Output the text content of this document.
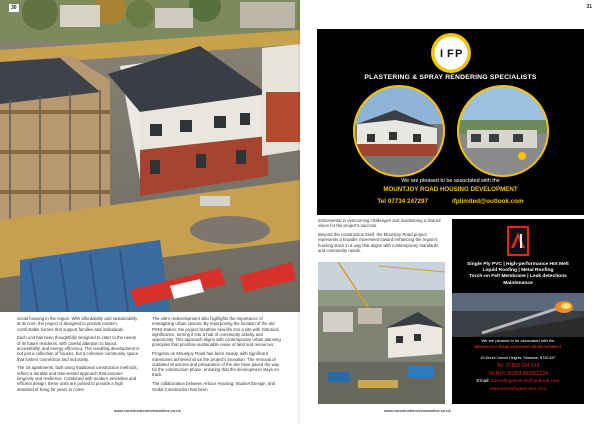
30

social housing in the region. With affordability and sustainability at its core, the project is designed to provide modern, comfortable homes that support families and individuals.

Each unit has been thoughtfully designed to cater to the needs of its future residents, with careful attention to layout, accessibility, and energy efficiency. The resulting development is not just a collection of houses, but a cohesive community space that fosters connection and inclusivity.

The 18 apartments, built using traditional construction methods, reflect a durable and time-tested approach that ensures longevity and resilience. Combined with modern amenities and efficient design, these units are poised to provide a high standard of living for years to come.

The site's redevelopment also highlights the importance of reimagining urban spaces. By repurposing the location of the old PSNI station, the project breathes new life into a site with historical significance, turning it into a hub of community activity and opportunity. This approach aligns with contemporary urban planning principles that prioritise sustainable reuse of land and resources.

Progress on Mountjoy Road has been steady, with significant milestones achieved since the project's inception. The removal of outdated structures and preparation of the site have paved the way for the construction phase, ensuring that the development stays on track.

The collaboration between Arbour Housing, StudioArDesign, and Gedal Construction has been

www.constructionreviewonline.co.uk
31
www.constructionreviewonline.co.uk
I F P
PLASTERING & SPRAY RENDERING SPECIALISTS
We are pleased to be associated with the
MOUNTJOY ROAD HOUSING DEVELOPMENT
Tel 07734 247297	ifplimited@outlook.com

instrumental in overcoming challenges and maintaining a shared vision for the project's success.

Beyond the construction itself, the Mountjoy Road project represents a broader movement toward enhancing the region's housing stock in a way that aligns with contemporary standards and community needs.

Single Ply PVC | High-performance Hot Melt
Liquid Roofing | Metal Roofing
Torch-on Felt Membrane | Leak detections
Maintenance
We are pleased to be associated with the
MOUNTJOY ROAD HOUSING DEVELOPMENT
43 Mount Carmel Heights, Strabane, BT82 8JF
Tel: 07858 524 619
Tel ROI: 00353 852882224
Email: a1roofingservices@outlook.com
www.a1roofingservice.com
